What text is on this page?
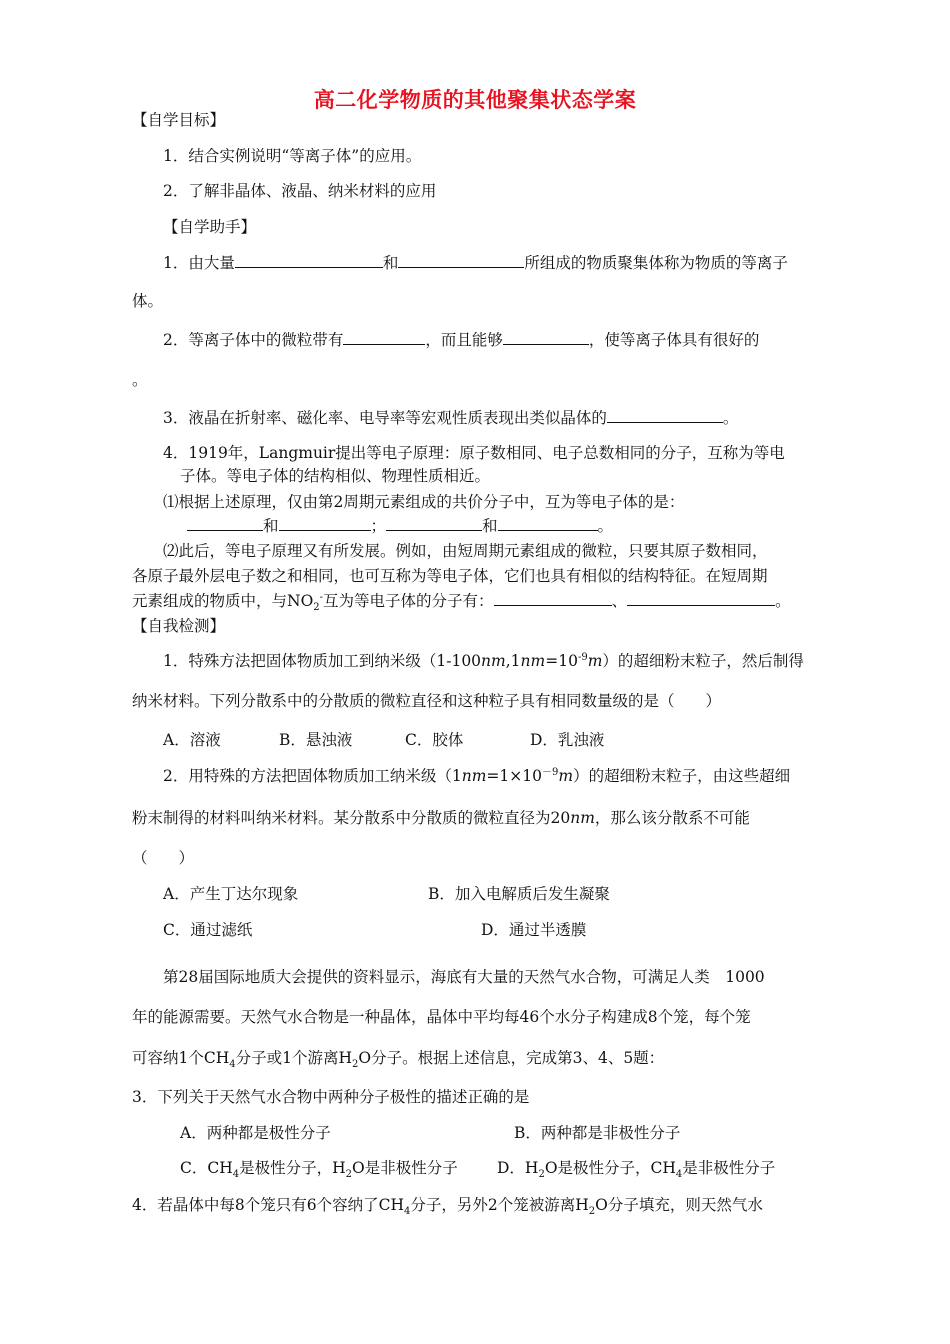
高二化学物质的其他聚集状态学案
【自学目标】
1．结合实例说明“等离子体”的应用。
2．了解非晶体、液晶、纳米材料的应用
【自学助手】
1．由大量	和	所组成的物质聚集体称为物质的等离子
体。
2．等离子体中的微粒带有	，而且能够	，使等离子体具有很好的
。
3．液晶在折射率、磁化率、电导率等宏观性质表现出类似晶体的	。
4．1919年，Langmuir提出等电子原理：原子数相同、电子总数相同的分子，互称为等电
子体。等电子体的结构相似、物理性质相近。
⑴根据上述原理，仅由第2周期元素组成的共价分子中，互为等电子体的是：
和	；	和	。
⑵此后，等电子原理又有所发展。例如，由短周期元素组成的微粒，只要其原子数相同，
各原子最外层电子数之和相同，也可互称为等电子体，它们也具有相似的结构特征。在短周期
元素组成的物质中，与$NO_2^-$互为等电子体的分子有：	、	。
【自我检测】
1．特殊方法把固体物质加工到纳米级$(1-100nm,1nm=10^{-9}m)$的超细粉末粒子，然后制得
纳米材料。下列分散系中的分散质的微粒直径和这种粒子具有相同数量级的是（　　）
A．溶液	B．悬浊液	C．胶体	D．乳浊液
2．用特殊的方法把固体物质加工纳米级$(1nm=1\times 10^{-9}m)$的超细粉末粒子，由这些超细
粉末制得的材料叫纳米材料。某分散系中分散质的微粒直径为20nm，那么该分散系不可能
（　　）
A．产生丁达尔现象	B．加入电解质后发生凝聚
C．通过滤纸	D．通过半透膜
第28届国际地质大会提供的资料显示，海底有大量的天然气水合物，可满足人类　1000
年的能源需要。天然气水合物是一种晶体，晶体中平均每46个水分子构建成8个笼，每个笼
可容纳1个$CH_4$分子或1个游离$H_2O$分子。根据上述信息，完成第3、4、5题：
3．下列关于天然气水合物中两种分子极性的描述正确的是
A．两种都是极性分子	B．两种都是非极性分子
C．$CH_4$是极性分子，$H_2O$是非极性分子	D．$H_2O$是极性分子，$CH_4$是非极性分子
4．若晶体中每8个笼只有6个容纳了$CH_4$分子，另外2个笼被游离$H_2O$分子填充，则天然气水
